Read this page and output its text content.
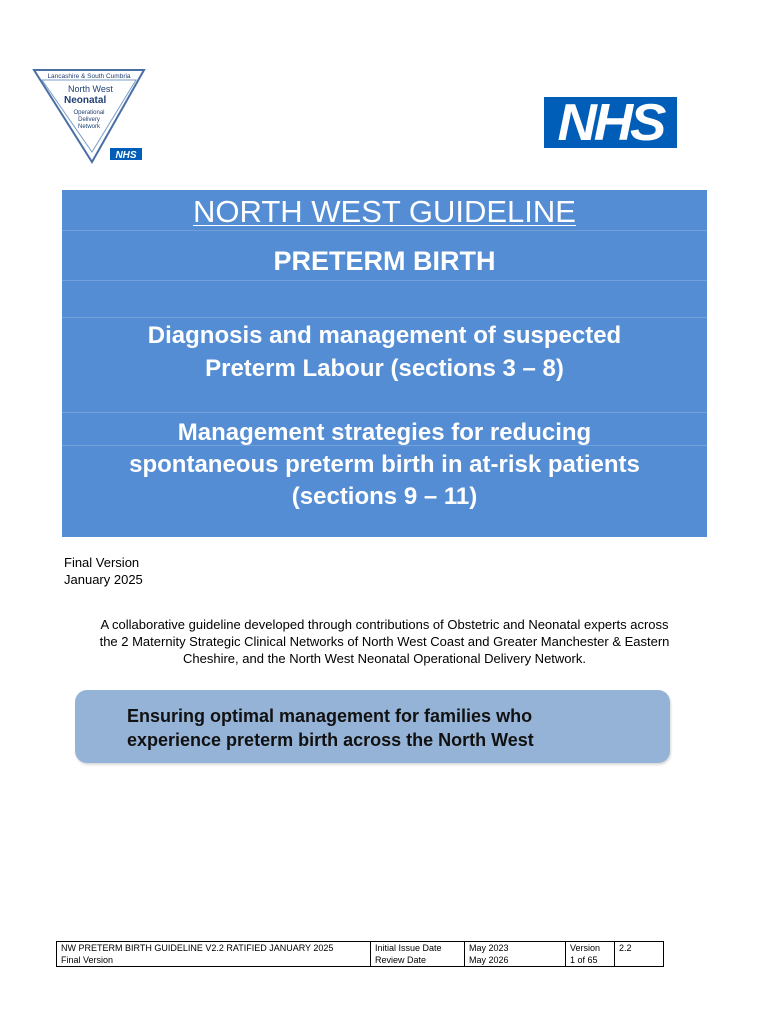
Lancashire & South Cumbria
North West
Neonatal
Operational
Delivery
Network
NHS
NHS
NORTH WEST GUIDELINE
PRETERM BIRTH
Diagnosis and management of suspected
Preterm Labour (sections 3 – 8)
Management strategies for reducing
spontaneous preterm birth in at-risk patients
(sections 9 – 11)
Final Version
January 2025
A collaborative guideline developed through contributions of Obstetric and Neonatal experts across
the 2 Maternity Strategic Clinical Networks of North West Coast and Greater Manchester & Eastern
Cheshire, and the North West Neonatal Operational Delivery Network.
Ensuring optimal management for families who
experience preterm birth across the North West
NW PRETERM BIRTH GUIDELINE V2.2 RATIFIED JANUARY 2025	Initial Issue Date	May 2023	Version	2.2
Final Version	Review Date	May 2026	1 of 65	
